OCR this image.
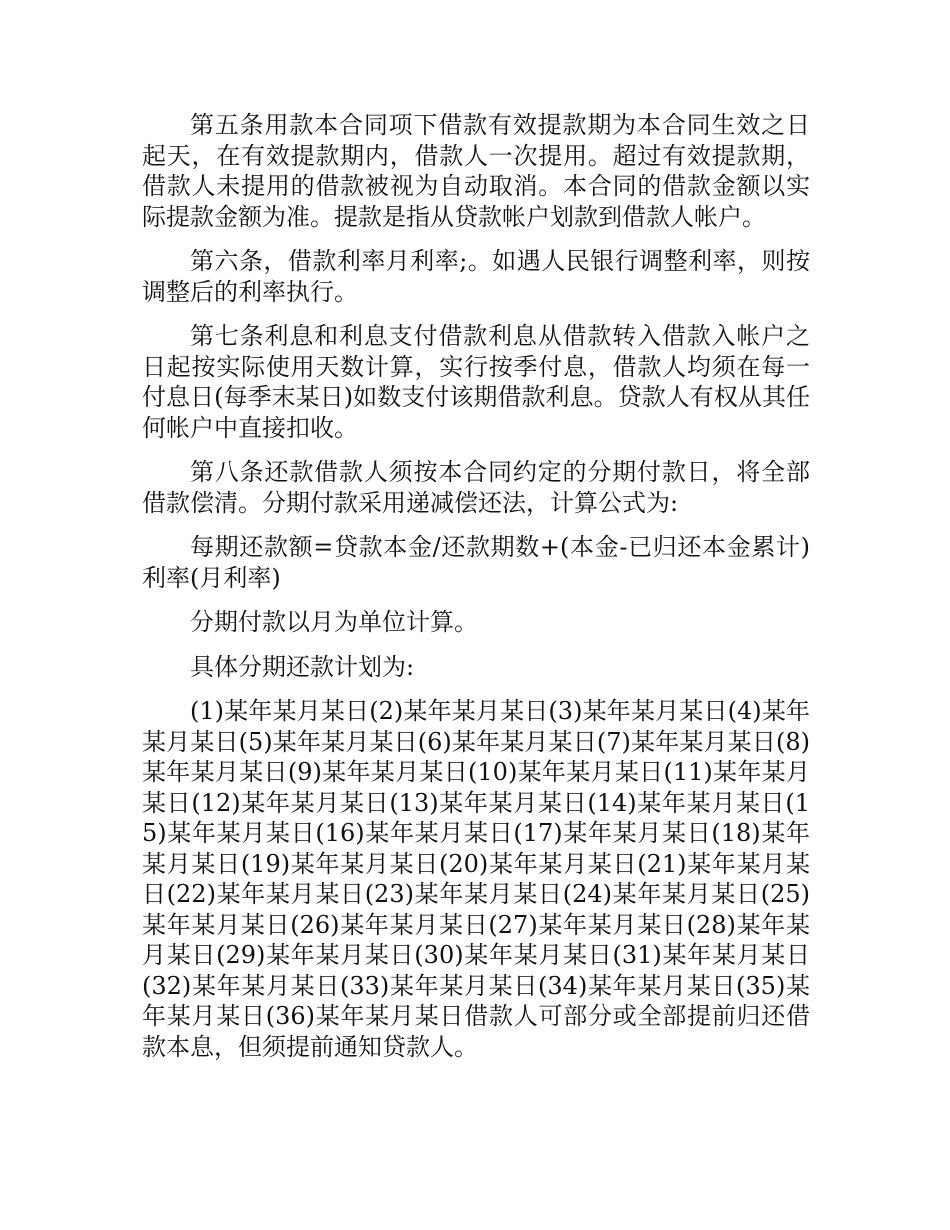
第五条用款本合同项下借款有效提款期为本合同生效之日起天，在有效提款期内，借款人一次提用。超过有效提款期，借款人未提用的借款被视为自动取消。本合同的借款金额以实际提款金额为准。提款是指从贷款帐户划款到借款人帐户。

第六条，借款利率月利率;。如遇人民银行调整利率，则按调整后的利率执行。

第七条利息和利息支付借款利息从借款转入借款入帐户之日起按实际使用天数计算，实行按季付息，借款人均须在每一付息日(每季末某日)如数支付该期借款利息。贷款人有权从其任何帐户中直接扣收。

第八条还款借款人须按本合同约定的分期付款日，将全部借款偿清。分期付款采用递减偿还法，计算公式为:

每期还款额=贷款本金/还款期数+(本金-已归还本金累计)利率(月利率)

分期付款以月为单位计算。

具体分期还款计划为:

(1)某年某月某日(2)某年某月某日(3)某年某月某日(4)某年某月某日(5)某年某月某日(6)某年某月某日(7)某年某月某日(8)某年某月某日(9)某年某月某日(10)某年某月某日(11)某年某月某日(12)某年某月某日(13)某年某月某日(14)某年某月某日(15)某年某月某日(16)某年某月某日(17)某年某月某日(18)某年某月某日(19)某年某月某日(20)某年某月某日(21)某年某月某日(22)某年某月某日(23)某年某月某日(24)某年某月某日(25)某年某月某日(26)某年某月某日(27)某年某月某日(28)某年某月某日(29)某年某月某日(30)某年某月某日(31)某年某月某日(32)某年某月某日(33)某年某月某日(34)某年某月某日(35)某年某月某日(36)某年某月某日借款人可部分或全部提前归还借款本息，但须提前通知贷款人。
